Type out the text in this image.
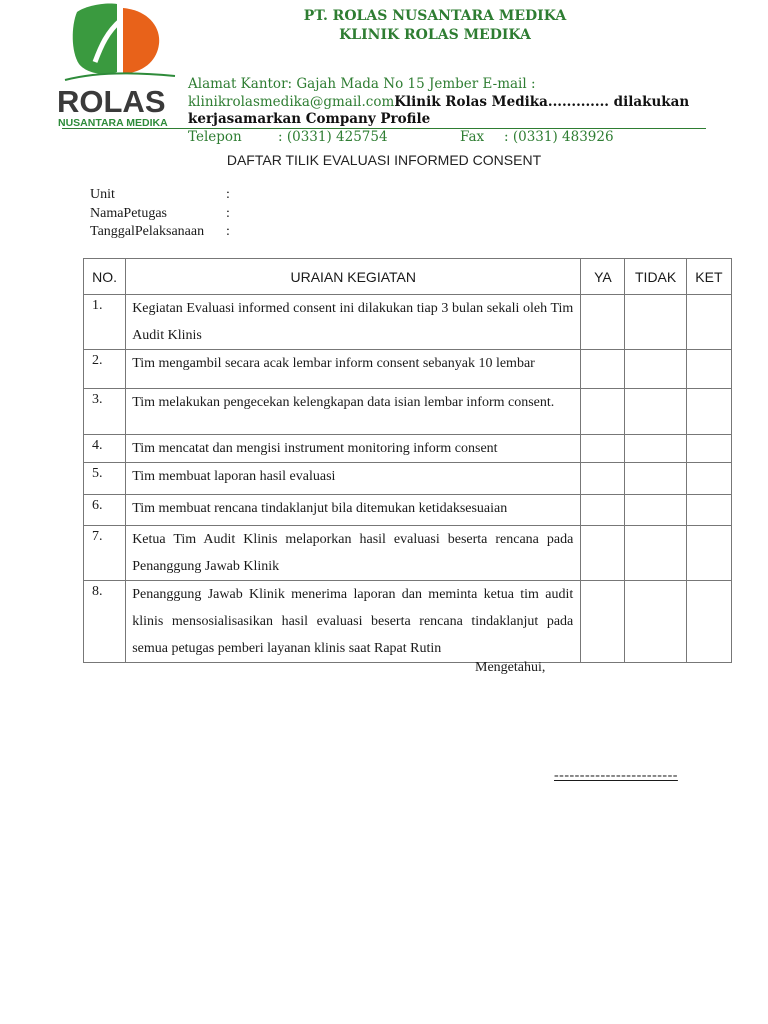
ROLAS
NUSANTARA MEDIKA
PT. ROLAS NUSANTARA MEDIKA
KLINIK ROLAS MEDIKA
Alamat Kantor: Gajah Mada No 15 Jember E-mail :
klinikrolasmedika@gmail.comKlinik Rolas Medika............. dilakukan
kerjasamarkan Company Profile
Telepon	: (0331) 425754	Fax : (0331) 483926
DAFTAR TILIK EVALUASI INFORMED CONSENT
Unit	:
NamaPetugas	:
TanggalPelaksanaan :
NO.	URAIAN KEGIATAN	YA	TIDAK	KET
1.	Kegiatan Evaluasi informed consent ini dilakukan tiap 3 bulan sekali oleh Tim Audit Klinis			
2.	Tim mengambil secara acak lembar inform consent sebanyak 10 lembar			
3.	Tim melakukan pengecekan kelengkapan data isian lembar inform consent.			
4.	Tim mencatat dan mengisi instrument monitoring inform consent			
5.	Tim membuat laporan hasil evaluasi			
6.	Tim membuat rencana tindaklanjut bila ditemukan ketidaksesuaian			
7.	Ketua Tim Audit Klinis melaporkan hasil evaluasi beserta rencana pada Penanggung Jawab Klinik			
8.	Penanggung Jawab Klinik menerima laporan dan meminta ketua tim audit klinis mensosialisasikan hasil evaluasi beserta rencana tindaklanjut pada semua petugas pemberi layanan klinis saat Rapat Rutin			
Mengetahui,
------------------------
